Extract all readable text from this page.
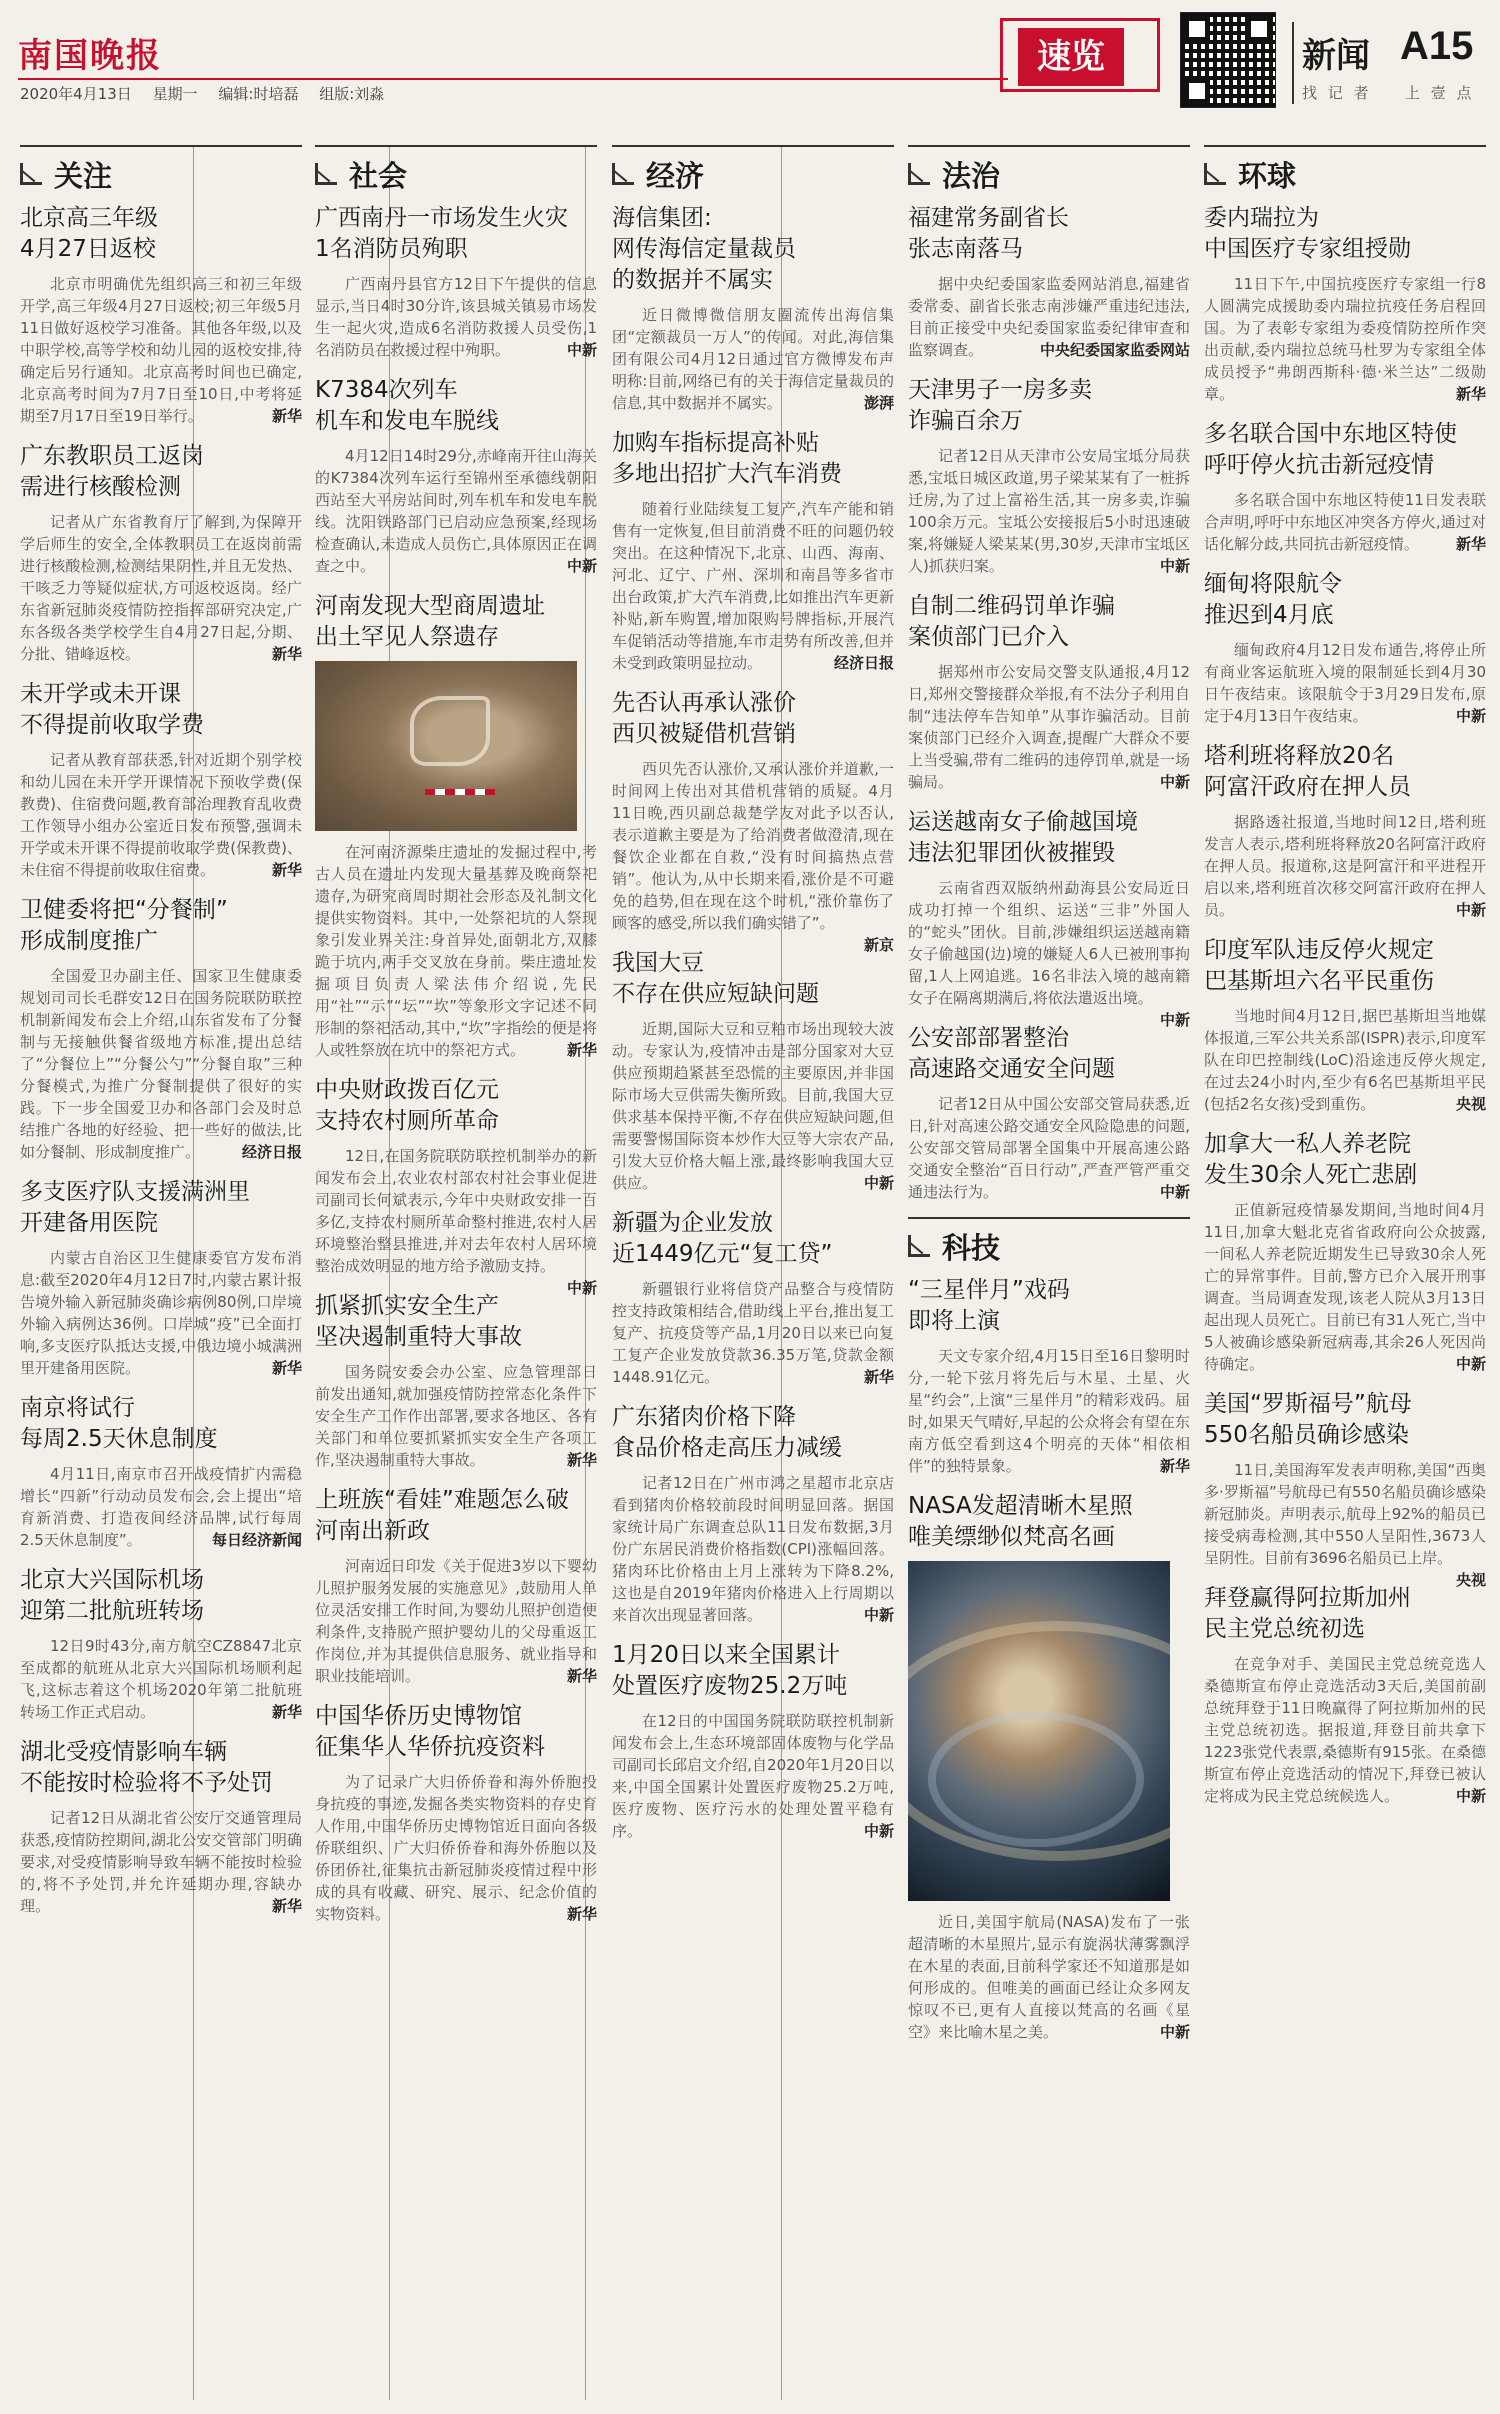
南国晚报
2020年4月13日 星期一 编辑:时培磊 组版:刘淼
速览	新闻 A15
找 记 者 上 壹 点
关注
北京高三年级
4月27日返校

北京市明确优先组织高三和初三年级开学,高三年级4月27日返校;初三年级5月11日做好返校学习准备。其他各年级,以及中职学校,高等学校和幼儿园的返校安排,待确定后另行通知。北京高考时间也已确定,北京高考时间为7月7日至10日,中考将延期至7月17日至19日举行。	新华

广东教职员工返岗
需进行核酸检测

记者从广东省教育厅了解到,为保障开学后师生的安全,全体教职员工在返岗前需进行核酸检测,检测结果阴性,并且无发热、干咳乏力等疑似症状,方可返校返岗。经广东省新冠肺炎疫情防控指挥部研究决定,广东各级各类学校学生自4月27日起,分期、分批、错峰返校。	新华

未开学或未开课
不得提前收取学费

记者从教育部获悉,针对近期个别学校和幼儿园在未开学开课情况下预收学费(保教费)、住宿费问题,教育部治理教育乱收费工作领导小组办公室近日发布预警,强调未开学或未开课不得提前收取学费(保教费)、未住宿不得提前收取住宿费。	新华

卫健委将把“分餐制”
形成制度推广

全国爱卫办副主任、国家卫生健康委规划司司长毛群安12日在国务院联防联控机制新闻发布会上介绍,山东省发布了分餐制与无接触供餐省级地方标准,提出总结了“分餐位上”“分餐公勺”“分餐自取”三种分餐模式,为推广分餐制提供了很好的实践。下一步全国爱卫办和各部门会及时总结推广各地的好经验、把一些好的做法,比如分餐制、形成制度推广。	经济日报

多支医疗队支援满洲里
开建备用医院

内蒙古自治区卫生健康委官方发布消息:截至2020年4月12日7时,内蒙古累计报告境外输入新冠肺炎确诊病例80例,口岸境外输入病例达36例。口岸城“疫”已全面打响,多支医疗队抵达支援,中俄边境小城满洲里开建备用医院。	新华

南京将试行
每周2.5天休息制度

4月11日,南京市召开战疫情扩内需稳增长“四新”行动动员发布会,会上提出“培育新消费、打造夜间经济品牌,试行每周2.5天休息制度”。	每日经济新闻

北京大兴国际机场
迎第二批航班转场

12日9时43分,南方航空CZ8847北京至成都的航班从北京大兴国际机场顺利起飞,这标志着这个机场2020年第二批航班转场工作正式启动。	新华

湖北受疫情影响车辆
不能按时检验将不予处罚

记者12日从湖北省公安厅交通管理局获悉,疫情防控期间,湖北公安交管部门明确要求,对受疫情影响导致车辆不能按时检验的,将不予处罚,并允许延期办理,容缺办理。	新华

社会
广西南丹一市场发生火灾
1名消防员殉职

广西南丹县官方12日下午提供的信息显示,当日4时30分许,该县城关镇易市场发生一起火灾,造成6名消防救援人员受伤,1名消防员在救援过程中殉职。	中新

K7384次列车
机车和发电车脱线

4月12日14时29分,赤峰南开往山海关的K7384次列车运行至锦州至承德线朝阳西站至大平房站间时,列车机车和发电车脱线。沈阳铁路部门已启动应急预案,经现场检查确认,未造成人员伤亡,具体原因正在调查之中。	中新

河南发现大型商周遗址
出土罕见人祭遗存

在河南济源柴庄遗址的发掘过程中,考古人员在遗址内发现大量基葬及晚商祭祀遗存,为研究商周时期社会形态及礼制文化提供实物资料。其中,一处祭祀坑的人祭现象引发业界关注:身首异处,面朝北方,双膝跪于坑内,两手交叉放在身前。柴庄遗址发掘项目负责人梁法伟介绍说,先民用“社”“示”“坛”“坎”等象形文字记述不同形制的祭祀活动,其中,“坎”字指绘的便是将人或牲祭放在坑中的祭祀方式。	新华

中央财政拨百亿元
支持农村厕所革命

12日,在国务院联防联控机制举办的新闻发布会上,农业农村部农村社会事业促进司副司长何斌表示,今年中央财政安排一百多亿,支持农村厕所革命整村推进,农村人居环境整治整县推进,并对去年农村人居环境整治成效明显的地方给予激励支持。
中新

抓紧抓实安全生产
坚决遏制重特大事故

国务院安委会办公室、应急管理部日前发出通知,就加强疫情防控常态化条件下安全生产工作作出部署,要求各地区、各有关部门和单位要抓紧抓实安全生产各项工作,坚决遏制重特大事故。	新华

上班族“看娃”难题怎么破
河南出新政

河南近日印发《关于促进3岁以下婴幼儿照护服务发展的实施意见》,鼓励用人单位灵活安排工作时间,为婴幼儿照护创造便利条件,支持脱产照护婴幼儿的父母重返工作岗位,并为其提供信息服务、就业指导和职业技能培训。	新华

中国华侨历史博物馆
征集华人华侨抗疫资料

为了记录广大归侨侨眷和海外侨胞投身抗疫的事迹,发掘各类实物资料的存史育人作用,中国华侨历史博物馆近日面向各级侨联组织、广大归侨侨眷和海外侨胞以及侨团侨社,征集抗击新冠肺炎疫情过程中形成的具有收藏、研究、展示、纪念价值的实物资料。	新华

经济
海信集团:
网传海信定量裁员
的数据并不属实

近日微博微信朋友圈流传出海信集团“定额裁员一万人”的传闻。对此,海信集团有限公司4月12日通过官方微博发布声明称:目前,网络已有的关于海信定量裁员的信息,其中数据并不属实。	澎湃

加购车指标提高补贴
多地出招扩大汽车消费

随着行业陆续复工复产,汽车产能和销售有一定恢复,但目前消费不旺的问题仍较突出。在这种情况下,北京、山西、海南、河北、辽宁、广州、深圳和南昌等多省市出台政策,扩大汽车消费,比如推出汽车更新补贴,新车购置,增加限购号牌指标,开展汽车促销活动等措施,车市走势有所改善,但并未受到政策明显拉动。	经济日报

先否认再承认涨价
西贝被疑借机营销

西贝先否认涨价,又承认涨价并道歉,一时间网上传出对其借机营销的质疑。4月11日晚,西贝副总裁楚学友对此予以否认,表示道歉主要是为了给消费者做澄清,现在餐饮企业都在自救,“没有时间搞热点营销”。他认为,从中长期来看,涨价是不可避免的趋势,但在现在这个时机,“涨价靠伤了顾客的感受,所以我们确实错了”。
新京

我国大豆
不存在供应短缺问题

近期,国际大豆和豆粕市场出现较大波动。专家认为,疫情冲击是部分国家对大豆供应预期趋紧甚至恐慌的主要原因,并非国际市场大豆供需失衡所致。目前,我国大豆供求基本保持平衡,不存在供应短缺问题,但需要警惕国际资本炒作大豆等大宗农产品,引发大豆价格大幅上涨,最终影响我国大豆供应。	中新

新疆为企业发放
近1449亿元“复工贷”

新疆银行业将信贷产品整合与疫情防控支持政策相结合,借助线上平台,推出复工复产、抗疫贷等产品,1月20日以来已向复工复产企业发放贷款36.35万笔,贷款金额1448.91亿元。	新华

广东猪肉价格下降
食品价格走高压力减缓

记者12日在广州市鸿之星超市北京店看到猪肉价格较前段时间明显回落。据国家统计局广东调查总队11日发布数据,3月份广东居民消费价格指数(CPI)涨幅回落。猪肉环比价格由上月上涨转为下降8.2%,这也是自2019年猪肉价格进入上行周期以来首次出现显著回落。	中新

1月20日以来全国累计
处置医疗废物25.2万吨

在12日的中国国务院联防联控机制新闻发布会上,生态环境部固体废物与化学品司副司长邱启文介绍,自2020年1月20日以来,中国全国累计处置医疗废物25.2万吨,医疗废物、医疗污水的处理处置平稳有序。	中新

法治
福建常务副省长
张志南落马

据中央纪委国家监委网站消息,福建省委常委、副省长张志南涉嫌严重违纪违法,目前正接受中央纪委国家监委纪律审查和监察调查。	中央纪委国家监委网站

天津男子一房多卖
诈骗百余万

记者12日从天津市公安局宝坻分局获悉,宝坻日城区政道,男子梁某某有了一桩拆迁房,为了过上富裕生活,其一房多卖,诈骗100余万元。宝坻公安接报后5小时迅速破案,将嫌疑人梁某某(男,30岁,天津市宝坻区人)抓获归案。	中新

自制二维码罚单诈骗
案侦部门已介入

据郑州市公安局交警支队通报,4月12日,郑州交警接群众举报,有不法分子利用自制“违法停车告知单”从事诈骗活动。目前案侦部门已经介入调查,提醒广大群众不要上当受骗,带有二维码的违停罚单,就是一场骗局。	中新

运送越南女子偷越国境
违法犯罪团伙被摧毁

云南省西双版纳州勐海县公安局近日成功打掉一个组织、运送“三非”外国人的“蛇头”团伙。目前,涉嫌组织运送越南籍女子偷越国(边)境的嫌疑人6人已被刑事拘留,1人上网追逃。16名非法入境的越南籍女子在隔离期满后,将依法遣返出境。
中新

公安部部署整治
高速路交通安全问题

记者12日从中国公安部交管局获悉,近日,针对高速公路交通安全风险隐患的问题,公安部交管局部署全国集中开展高速公路交通安全整治“百日行动”,严查严管严重交通违法行为。	中新

科技
“三星伴月”戏码
即将上演

天文专家介绍,4月15日至16日黎明时分,一轮下弦月将先后与木星、土星、火星“约会”,上演“三星伴月”的精彩戏码。届时,如果天气晴好,早起的公众将会有望在东南方低空看到这4个明亮的天体“相依相伴”的独特景象。	新华

NASA发超清晰木星照
唯美缥缈似梵高名画

近日,美国宇航局(NASA)发布了一张超清晰的木星照片,显示有旋涡状薄雾飘浮在木星的表面,目前科学家还不知道那是如何形成的。但唯美的画面已经让众多网友惊叹不已,更有人直接以梵高的名画《星空》来比喻木星之美。	中新

环球
委内瑞拉为
中国医疗专家组授勋

11日下午,中国抗疫医疗专家组一行8人圆满完成援助委内瑞拉抗疫任务启程回国。为了表彰专家组为委疫情防控所作突出贡献,委内瑞拉总统马杜罗为专家组全体成员授予“弗朗西斯科·德·米兰达”二级勋章。	新华

多名联合国中东地区特使
呼吁停火抗击新冠疫情

多名联合国中东地区特使11日发表联合声明,呼吁中东地区冲突各方停火,通过对话化解分歧,共同抗击新冠疫情。	新华

缅甸将限航令
推迟到4月底

缅甸政府4月12日发布通告,将停止所有商业客运航班入境的限制延长到4月30日午夜结束。该限航令于3月29日发布,原定于4月13日午夜结束。	中新

塔利班将释放20名
阿富汗政府在押人员

据路透社报道,当地时间12日,塔利班发言人表示,塔利班将释放20名阿富汗政府在押人员。报道称,这是阿富汗和平进程开启以来,塔利班首次移交阿富汗政府在押人员。	中新

印度军队违反停火规定
巴基斯坦六名平民重伤

当地时间4月12日,据巴基斯坦当地媒体报道,三军公共关系部(ISPR)表示,印度军队在印巴控制线(LoC)沿途违反停火规定,在过去24小时内,至少有6名巴基斯坦平民(包括2名女孩)受到重伤。	央视

加拿大一私人养老院
发生30余人死亡悲剧

正值新冠疫情暴发期间,当地时间4月11日,加拿大魁北克省省政府向公众披露,一间私人养老院近期发生已导致30余人死亡的异常事件。目前,警方已介入展开刑事调查。当局调查发现,该老人院从3月13日起出现人员死亡。目前已有31人死亡,当中5人被确诊感染新冠病毒,其余26人死因尚待确定。	中新

美国“罗斯福号”航母
550名船员确诊感染

11日,美国海军发表声明称,美国“西奥多·罗斯福”号航母已有550名船员确诊感染新冠肺炎。声明表示,航母上92%的船员已接受病毒检测,其中550人呈阳性,3673人呈阴性。目前有3696名船员已上岸。
央视

拜登赢得阿拉斯加州
民主党总统初选

在竞争对手、美国民主党总统竞选人桑德斯宣布停止竞选活动3天后,美国前副总统拜登于11日晚赢得了阿拉斯加州的民主党总统初选。据报道,拜登目前共拿下1223张党代表票,桑德斯有915张。在桑德斯宣布停止竞选活动的情况下,拜登已被认定将成为民主党总统候选人。	中新
